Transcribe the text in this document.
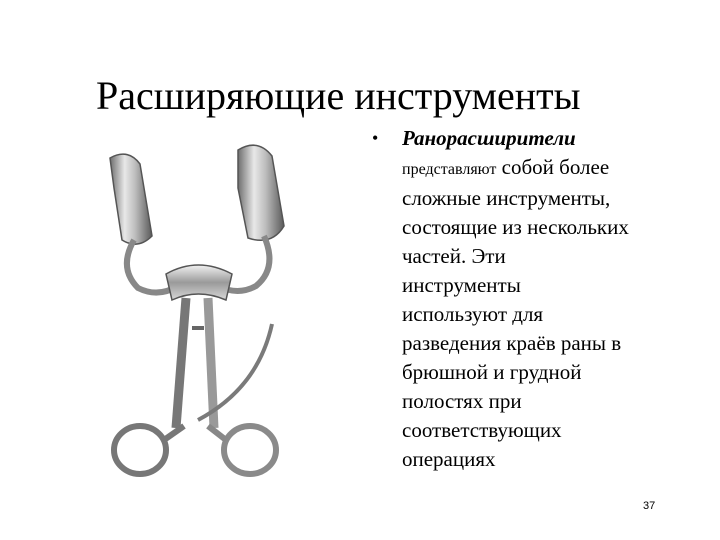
Расширяющие инструменты
• Ранорасширители
представляют собой более
сложные инструменты,
состоящие из нескольких
частей. Эти
инструменты
используют для
разведения краёв раны в
брюшной и грудной
полостях при
соответствующих
операциях
37
